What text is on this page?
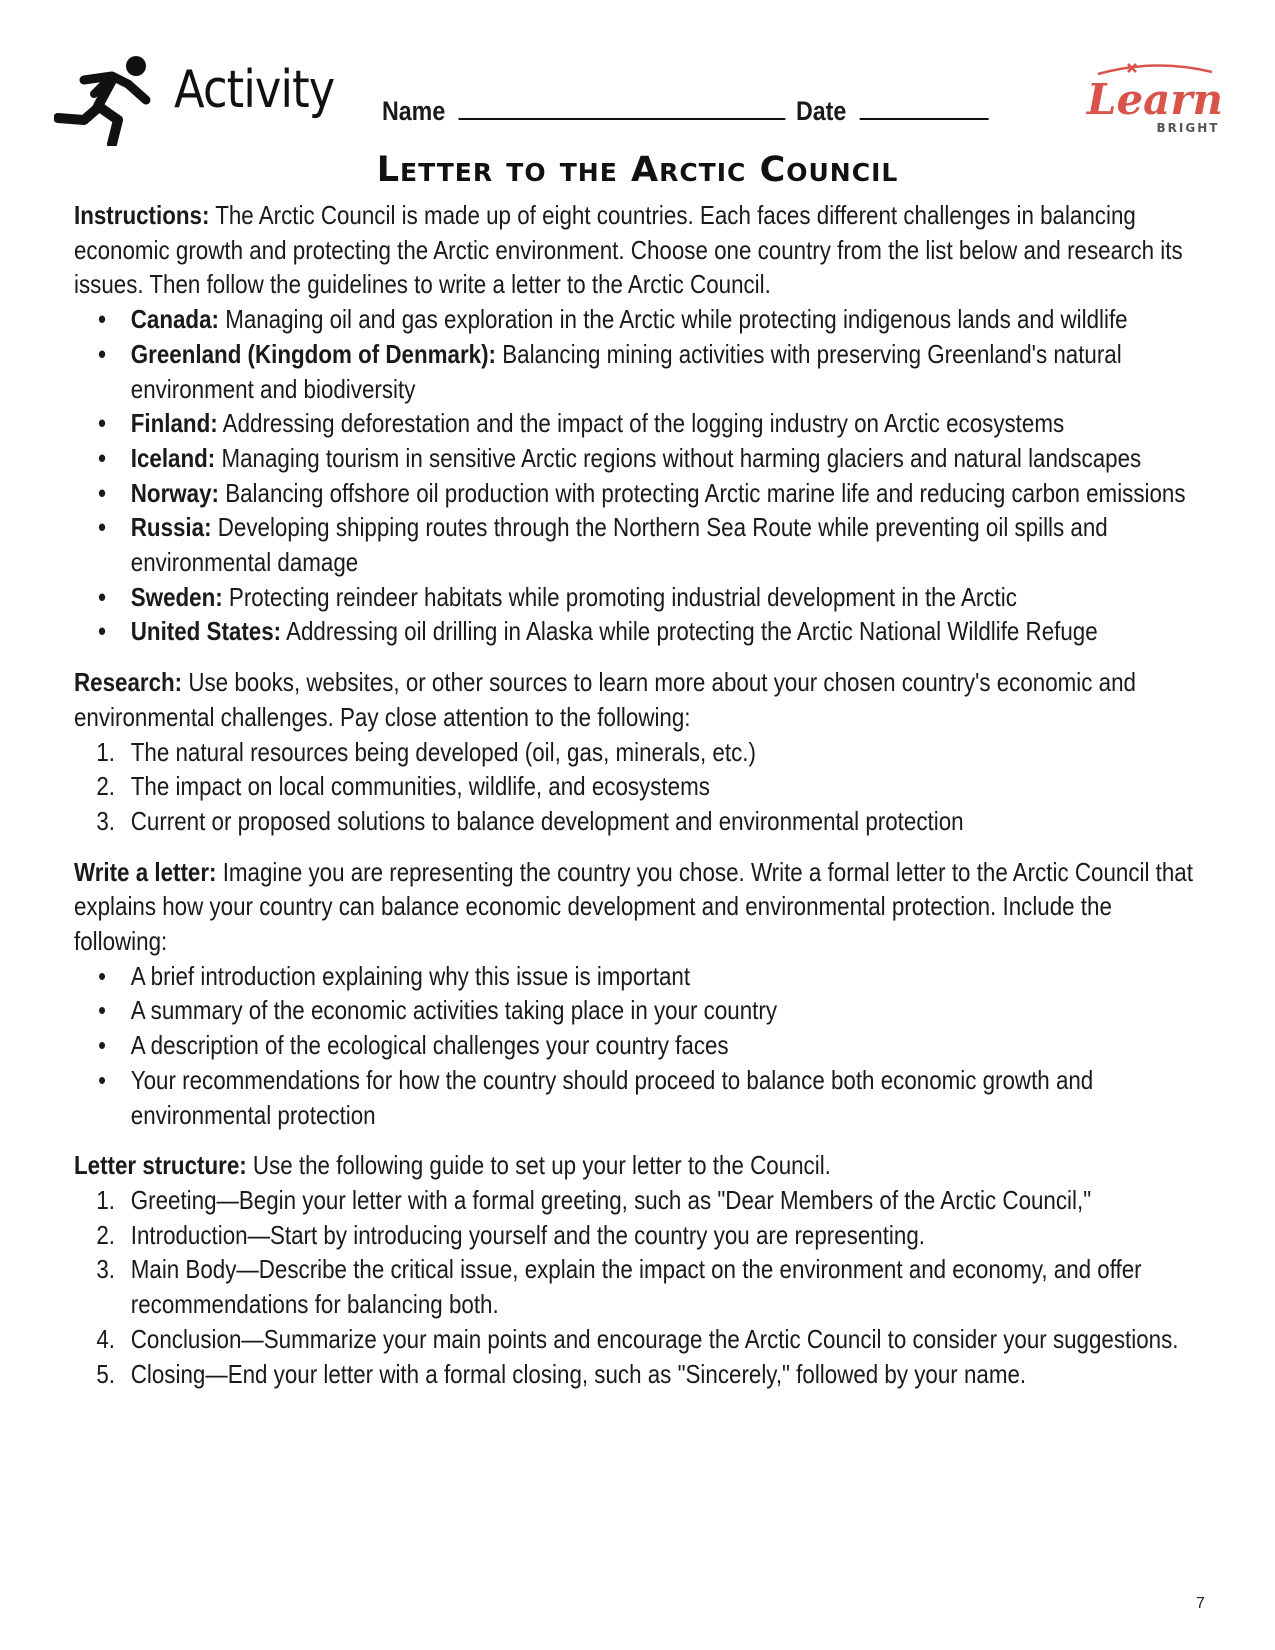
Activity Name	Date	Learn
BRIGHT
Letter to the Arctic Council

Instructions: The Arctic Council is made up of eight countries. Each faces different challenges in balancing economic growth and protecting the Arctic environment. Choose one country from the list below and research its issues. Then follow the guidelines to write a letter to the Arctic Council.

• Canada: Managing oil and gas exploration in the Arctic while protecting indigenous lands and wildlife
• Greenland (Kingdom of Denmark): Balancing mining activities with preserving Greenland's natural environment and biodiversity
• Finland: Addressing deforestation and the impact of the logging industry on Arctic ecosystems
• Iceland: Managing tourism in sensitive Arctic regions without harming glaciers and natural landscapes
• Norway: Balancing offshore oil production with protecting Arctic marine life and reducing carbon emissions
• Russia: Developing shipping routes through the Northern Sea Route while preventing oil spills and environmental damage
• Sweden: Protecting reindeer habitats while promoting industrial development in the Arctic
• United States: Addressing oil drilling in Alaska while protecting the Arctic National Wildlife Refuge

Research: Use books, websites, or other sources to learn more about your chosen country's economic and environmental challenges. Pay close attention to the following:

1. The natural resources being developed (oil, gas, minerals, etc.)
2. The impact on local communities, wildlife, and ecosystems
3. Current or proposed solutions to balance development and environmental protection

Write a letter: Imagine you are representing the country you chose. Write a formal letter to the Arctic Council that explains how your country can balance economic development and environmental protection. Include the following:

• A brief introduction explaining why this issue is important
• A summary of the economic activities taking place in your country
• A description of the ecological challenges your country faces
• Your recommendations for how the country should proceed to balance both economic growth and environmental protection

Letter structure: Use the following guide to set up your letter to the Council.

1. Greeting—Begin your letter with a formal greeting, such as "Dear Members of the Arctic Council,"
2. Introduction—Start by introducing yourself and the country you are representing.
3. Main Body—Describe the critical issue, explain the impact on the environment and economy, and offer recommendations for balancing both.
4. Conclusion—Summarize your main points and encourage the Arctic Council to consider your suggestions.
5. Closing—End your letter with a formal closing, such as "Sincerely," followed by your name.
7
